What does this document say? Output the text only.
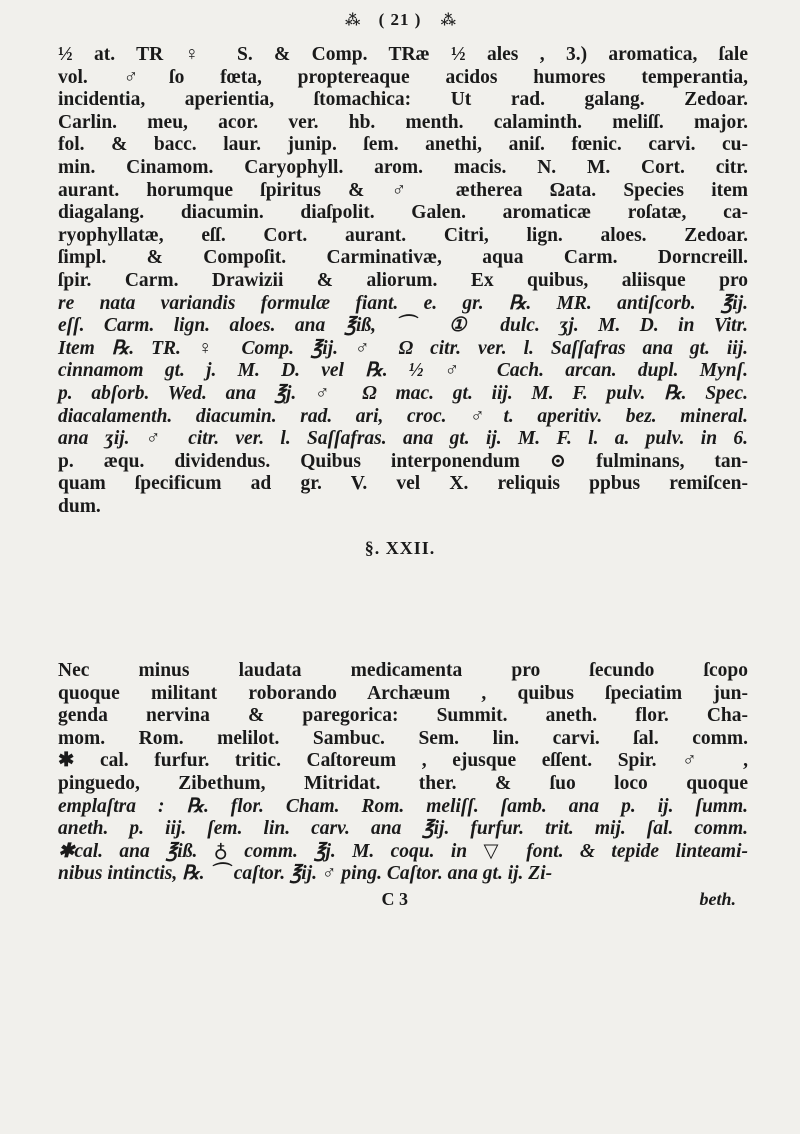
⁂ ( 21 ) ⁂
½ at. TR ♀ S. & Comp. TRæ ½ ales , 3.) aromatica, ſale
vol. ♂ſo fœta, proptereaque acidos humores temperantia,
incidentia, aperientia, ſtomachica: Ut rad. galang. Zedoar.
Carlin. meu, acor. ver. hb. menth. calaminth. meliſſ. major.
fol. & bacc. laur. junip. ſem. anethi, aniſ. fœnic. carvi. cu-
min. Cinamom. Caryophyll. arom. macis. N. M. Cort. citr.
aurant. horumque ſpiritus & ♂ ætherea Ωata. Species item
diagalang. diacumin. diaſpolit. Galen. aromaticæ roſatæ, ca-
ryophyllatæ, eſſ. Cort. aurant. Citri, lign. aloes. Zedoar.
ſimpl. & Compoſit. Carminativæ, aqua Carm. Dorncreill.
ſpir. Carm. Drawizii & aliorum. Ex quibus, aliisque pro
re nata variandis formulæ fiant. e. gr. ℞. MR. antiſcorb. ℥ij.
eſſ. Carm. lign. aloes. ana ℥iß, ⌒ ① dulc. ʒj. M. D. in Vitr.
Item ℞. TR. ♀ Comp. ℥ij. ♂ Ω citr. ver. l. Saſſafras ana gt. iij.
cinnamom gt. j. M. D. vel ℞. ½ ♂ Cach. arcan. dupl. Mynſ.
p. abſorb. Wed. ana ℥j. ♂ Ω mac. gt. iij. M. F. pulv. ℞. Spec.
diacalamenth. diacumin. rad. ari, croc. ♂t. aperitiv. bez. mineral.
ana ʒij. ♂ citr. ver. l. Saſſafras. ana gt. ij. M. F. l. a. pulv. in 6.
p. æqu. dividendus. Quibus interponendum ⊙ fulminans, tan-
quam ſpecificum ad gr. V. vel X. reliquis ppbus remiſcen-
dum.
§. XXII.
Nec minus laudata medicamenta pro ſecundo ſcopo
quoque militant roborando Archæum , quibus ſpeciatim jun-
genda nervina & paregorica: Summit. aneth. flor. Cha-
mom. Rom. melilot. Sambuc. Sem. lin. carvi. ſal. comm.
✱ cal. furfur. tritic. Caſtoreum , ejusque eſſent. Spir. ♂ ,
pinguedo, Zibethum, Mitridat. ther. & ſuo loco quoque
emplaſtra : ℞. flor. Cham. Rom. meliſſ. ſamb. ana p. ij. ſumm.
aneth. p. iij. ſem. lin. carv. ana ℥ij. furfur. trit. mij. ſal. comm.
✱cal. ana ℥iß. ♁ comm. ℥j. M. coqu. in ▽ font. & tepide linteami-
nibus intinctis, ℞. ⌒ caſtor. ℥ij. ♂ ping. Caſtor. ana gt. ij. Zi-
C 3	beth.
